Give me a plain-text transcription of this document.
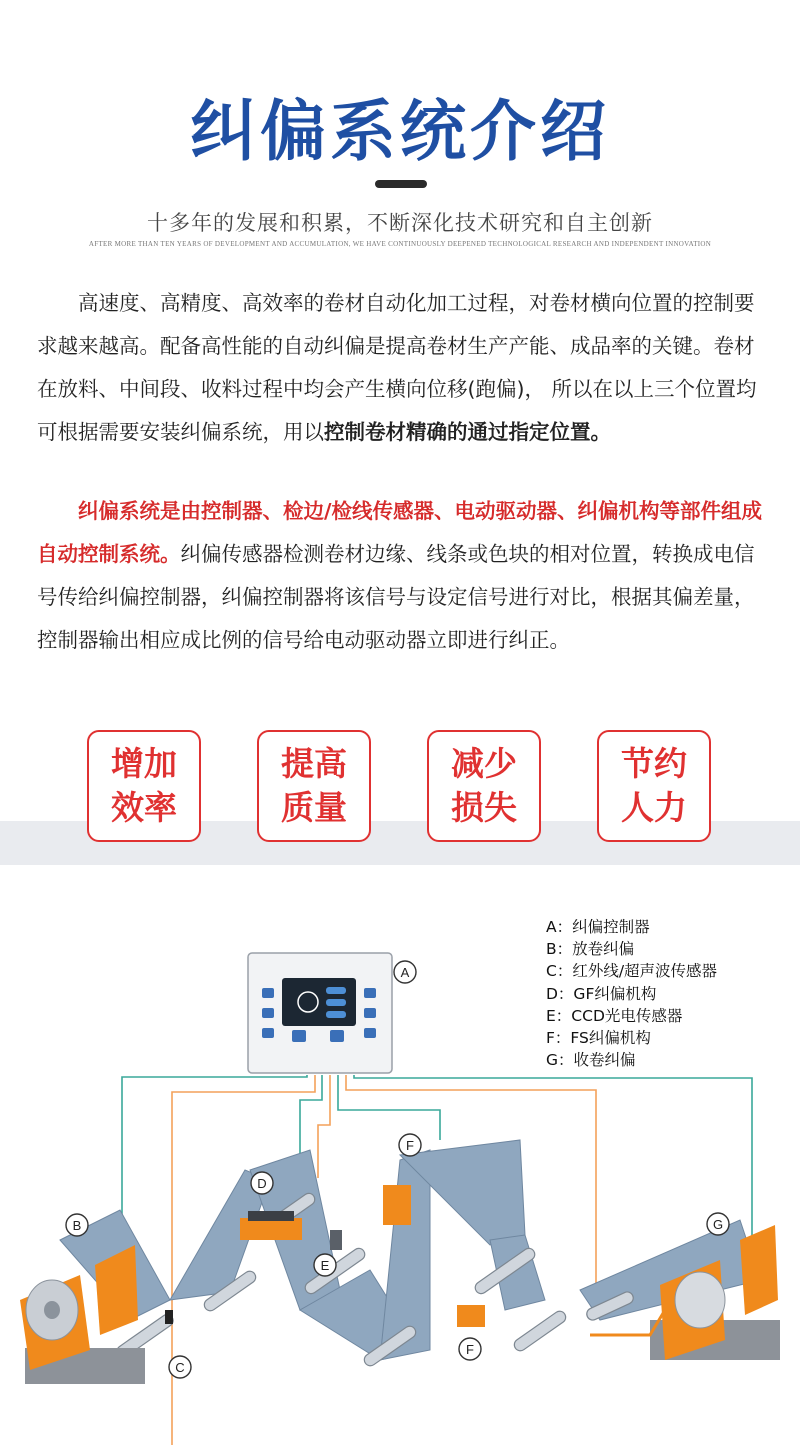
纠偏系统介绍
十多年的发展和积累，不断深化技术研究和自主创新
AFTER MORE THAN TEN YEARS OF DEVELOPMENT AND ACCUMULATION, WE HAVE CONTINUOUSLY DEEPENED TECHNOLOGICAL RESEARCH AND INDEPENDENT INNOVATION

高速度、高精度、高效率的卷材自动化加工过程，对卷材横向位置的控制要求越来越高。配备高性能的自动纠偏是提高卷材生产产能、成品率的关键。卷材在放料、中间段、收料过程中均会产生横向位移(跑偏)， 所以在以上三个位置均可根据需要安装纠偏系统，用以控制卷材精确的通过指定位置。

纠偏系统是由控制器、检边/检线传感器、电动驱动器、纠偏机构等部件组成自动控制系统。纠偏传感器检测卷材边缘、线条或色块的相对位置，转换成电信号传给纠偏控制器，纠偏控制器将该信号与设定信号进行对比，根据其偏差量，控制器输出相应成比例的信号给电动驱动器立即进行纠正。

增加
效率
提高
质量
减少
损失
节约
人力
A
B
C
D
E
F
F
G
A：纠偏控制器
B：放卷纠偏
C：红外线/超声波传感器
D：GF纠偏机构
E：CCD光电传感器
F：FS纠偏机构
G：收卷纠偏
